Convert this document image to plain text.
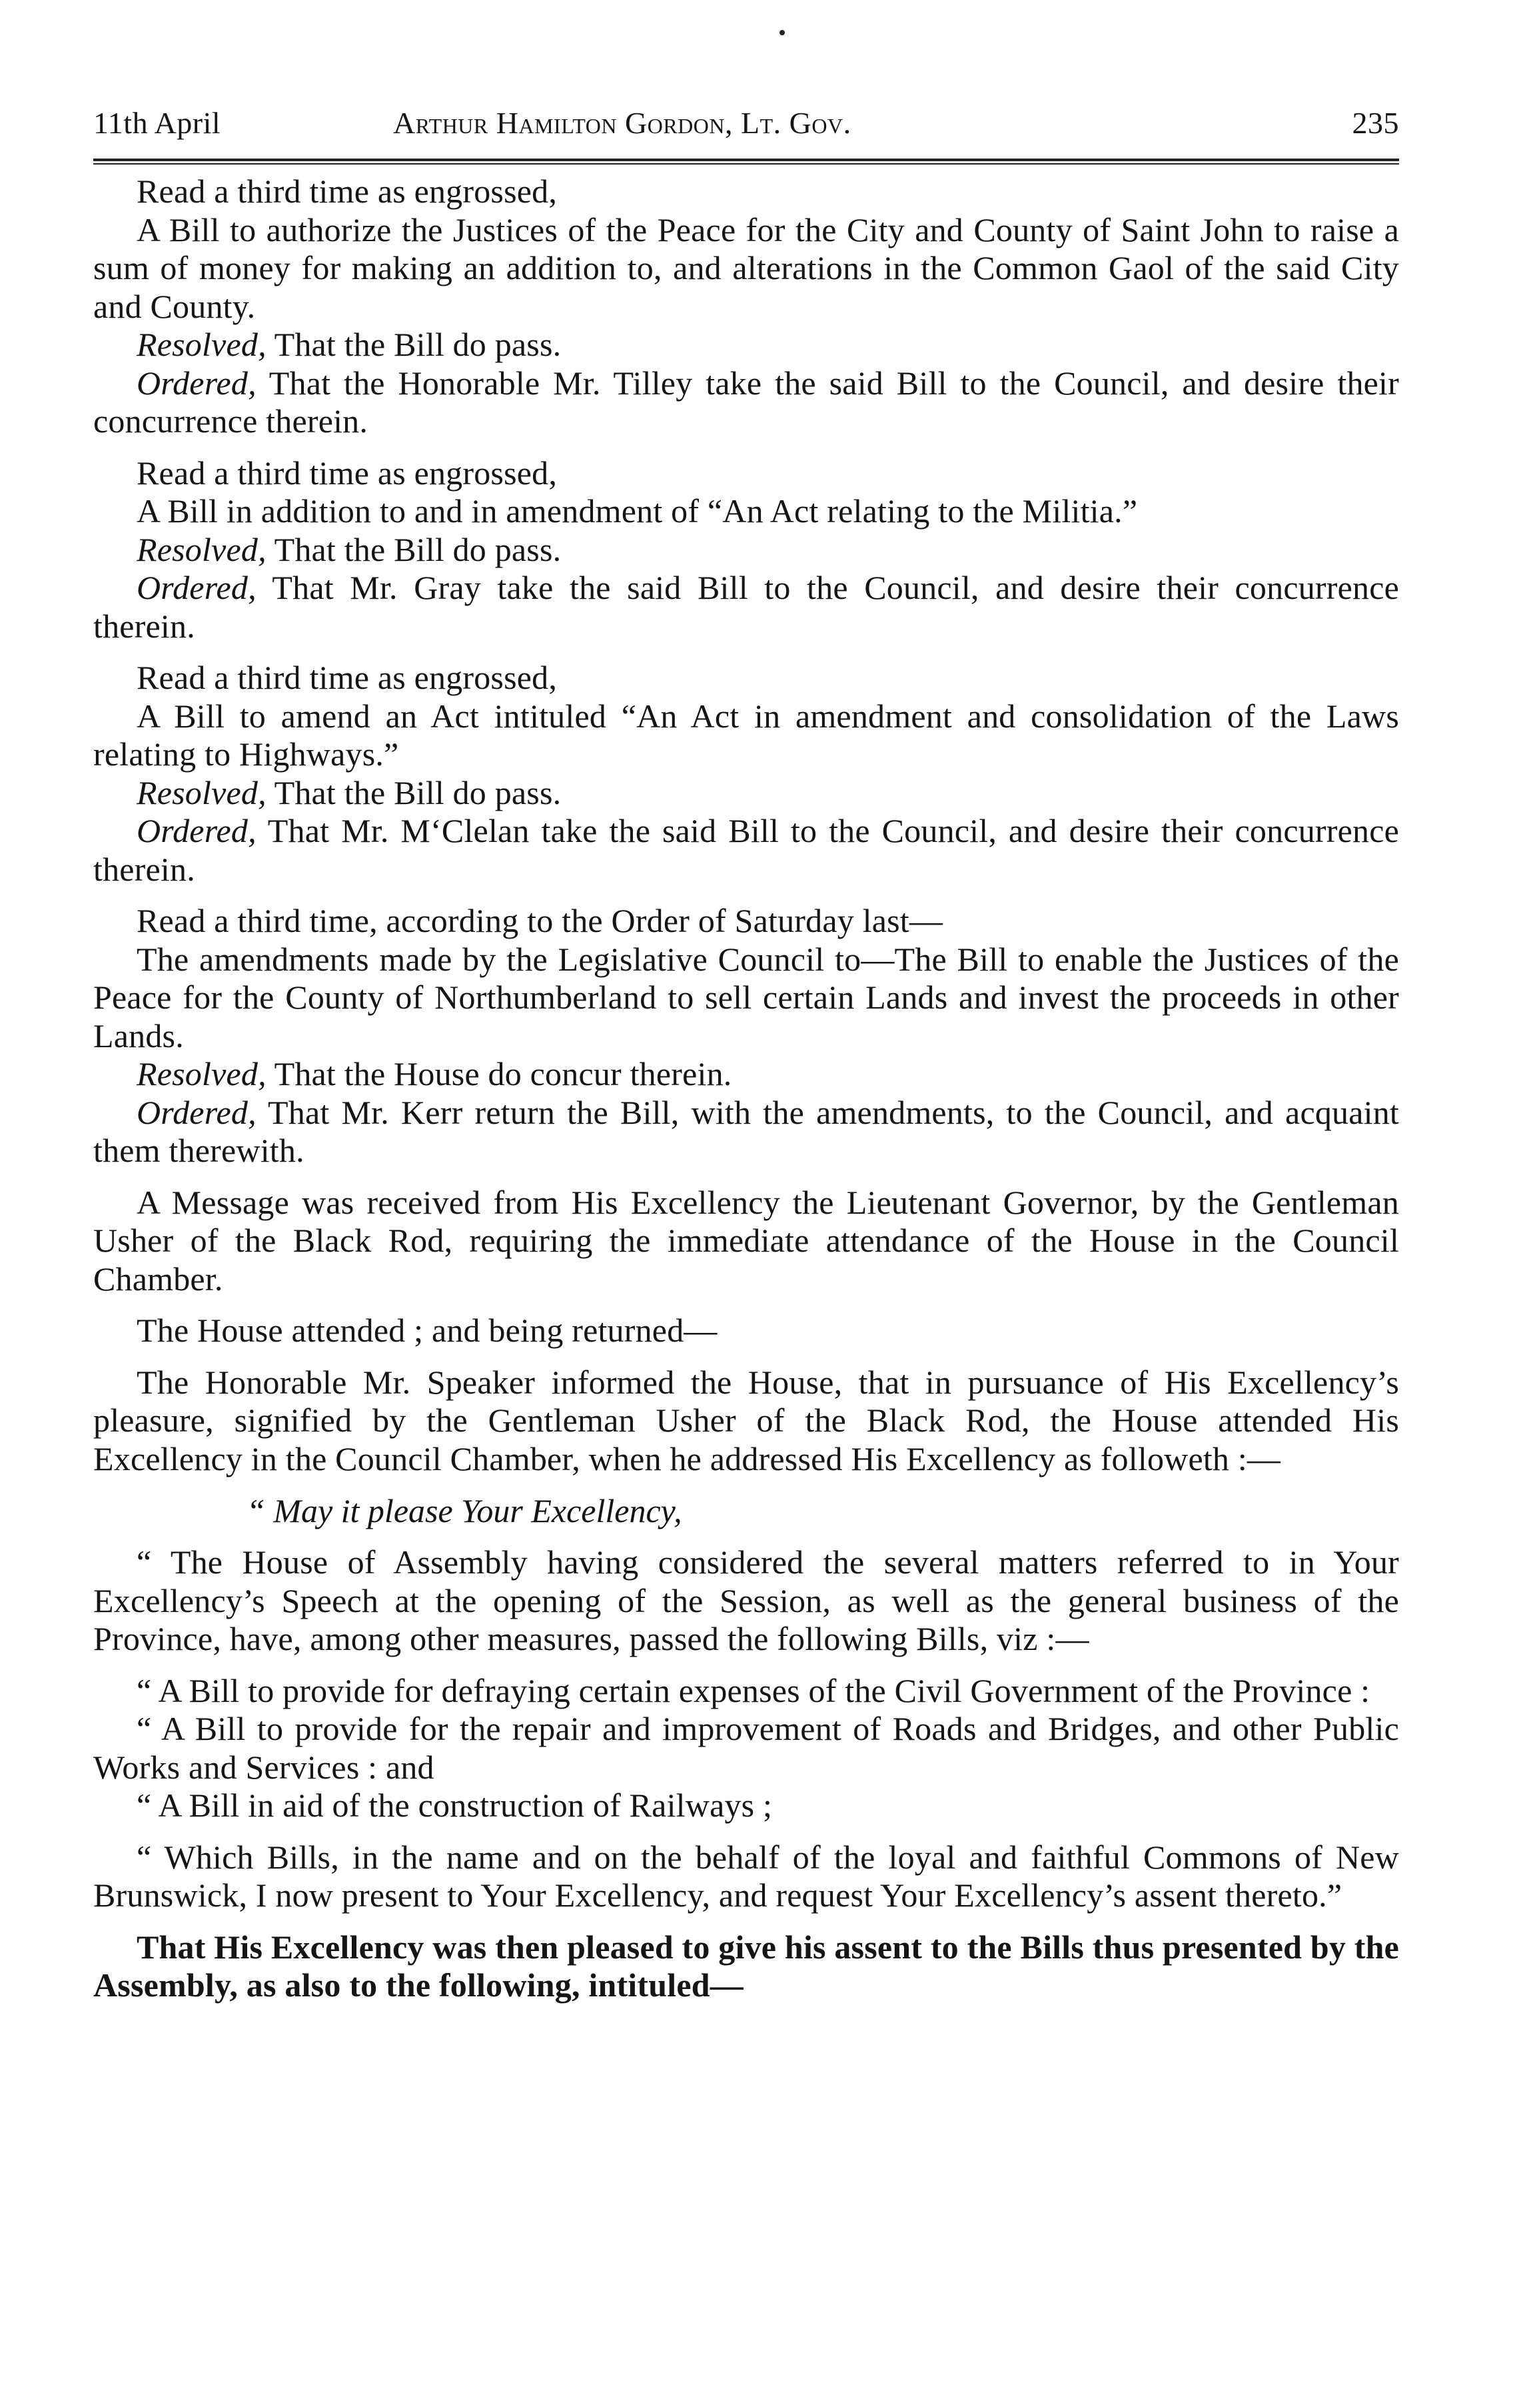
11th April	Arthur Hamilton Gordon, Lt. Gov.	235
Read a third time as engrossed,
A Bill to authorize the Justices of the Peace for the City and County of Saint John to raise a sum of money for making an addition to, and alterations in the Common Gaol of the said City and County.
Resolved, That the Bill do pass.
Ordered, That the Honorable Mr. Tilley take the said Bill to the Council, and desire their concurrence therein.
Read a third time as engrossed,
A Bill in addition to and in amendment of “An Act relating to the Militia.”
Resolved, That the Bill do pass.
Ordered, That Mr. Gray take the said Bill to the Council, and desire their concurrence therein.
Read a third time as engrossed,
A Bill to amend an Act intituled “An Act in amendment and consolidation of the Laws relating to Highways.”
Resolved, That the Bill do pass.
Ordered, That Mr. M‘Clelan take the said Bill to the Council, and desire their concurrence therein.
Read a third time, according to the Order of Saturday last—
The amendments made by the Legislative Council to—The Bill to enable the Justices of the Peace for the County of Northumberland to sell certain Lands and invest the proceeds in other Lands.
Resolved, That the House do concur therein.
Ordered, That Mr. Kerr return the Bill, with the amendments, to the Council, and acquaint them therewith.
A Message was received from His Excellency the Lieutenant Governor, by the Gentleman Usher of the Black Rod, requiring the immediate attendance of the House in the Council Chamber.
The House attended ; and being returned—
The Honorable Mr. Speaker informed the House, that in pursuance of His Excellency’s pleasure, signified by the Gentleman Usher of the Black Rod, the House attended His Excellency in the Council Chamber, when he addressed His Excellency as followeth :—
“ May it please Your Excellency,
“ The House of Assembly having considered the several matters referred to in Your Excellency’s Speech at the opening of the Session, as well as the general business of the Province, have, among other measures, passed the following Bills, viz :—
“ A Bill to provide for defraying certain expenses of the Civil Government of the Province :
“ A Bill to provide for the repair and improvement of Roads and Bridges, and other Public Works and Services : and
“ A Bill in aid of the construction of Railways ;
“ Which Bills, in the name and on the behalf of the loyal and faithful Commons of New Brunswick, I now present to Your Excellency, and request Your Excellency’s assent thereto.”
That His Excellency was then pleased to give his assent to the Bills thus presented by the Assembly, as also to the following, intituled—
